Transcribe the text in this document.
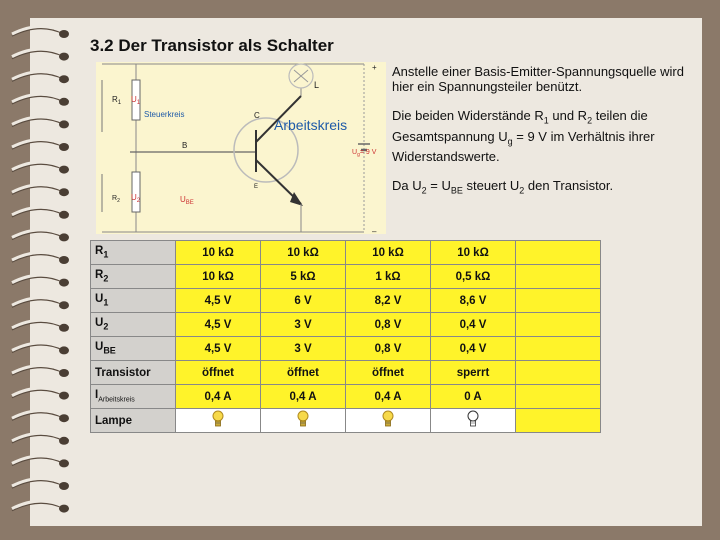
3.2 Der Transistor als Schalter
$R_1$ $U_1$
Steuerkreis
Arbeitskreis
C
B
E
$R_2$ $U_2$	$U_{BE}$
$U_g= 9$ V
+
–
L

Anstelle einer Basis-Emitter-Spannungsquelle wird hier ein Spannungsteiler benützt.

Die beiden Widerstände $R_1$ und $R_2$ teilen die Gesamtspannung $U_g = 9$ V im Verhältnis ihrer Widerstandswerte.

Da $U_2 = U_{BE}$ steuert $U_2$ den Transistor.

$R_1$	10 kΩ	10 kΩ	10 kΩ	10 kΩ	
$R_2$	10 kΩ	5 kΩ	1 kΩ	0,5 kΩ	
$U_1$	4,5 V	6 V	8,2 V	8,6 V	
$U_2$	4,5 V	3 V	0,8 V	0,4 V	
$U_{BE}$	4,5 V	3 V	0,8 V	0,4 V	
Transistor	öffnet	öffnet	öffnet	sperrt	
$I_{Arbeitskreis}$	0,4 A	0,4 A	0,4 A	0 A	
Lampe					
